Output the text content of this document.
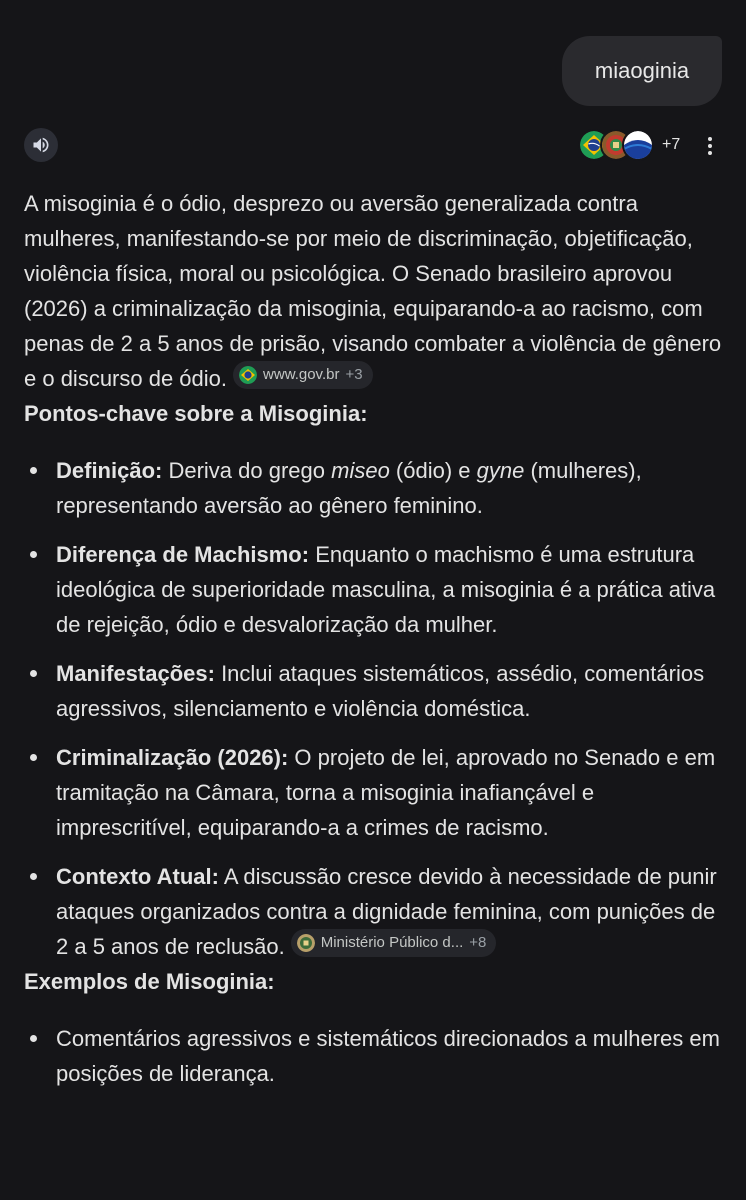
miaoginia
+7

A misoginia é o ódio, desprezo ou aversão generalizada contra mulheres, manifestando-se por meio de discriminação, objetificação, violência física, moral ou psicológica. O Senado brasileiro aprovou (2026) a criminalização da misoginia, equiparando-a ao racismo, com penas de 2 a 5 anos de prisão, visando combater a violência de gênero e o discurso de ódio. www.gov.br +3

Pontos-chave sobre a Misoginia:
Definição: Deriva do grego miseo (ódio) e gyne (mulheres), representando aversão ao gênero feminino.
Diferença de Machismo: Enquanto o machismo é uma estrutura ideológica de superioridade masculina, a misoginia é a prática ativa de rejeição, ódio e desvalorização da mulher.
Manifestações: Inclui ataques sistemáticos, assédio, comentários agressivos, silenciamento e violência doméstica.
Criminalização (2026): O projeto de lei, aprovado no Senado e em tramitação na Câmara, torna a misoginia inafiançável e imprescritível, equiparando-a a crimes de racismo.
Contexto Atual: A discussão cresce devido à necessidade de punir ataques organizados contra a dignidade feminina, com punições de 2 a 5 anos de reclusão. Ministério Público d... +8
Exemplos de Misoginia:
Comentários agressivos e sistemáticos direcionados a mulheres em posições de liderança.
